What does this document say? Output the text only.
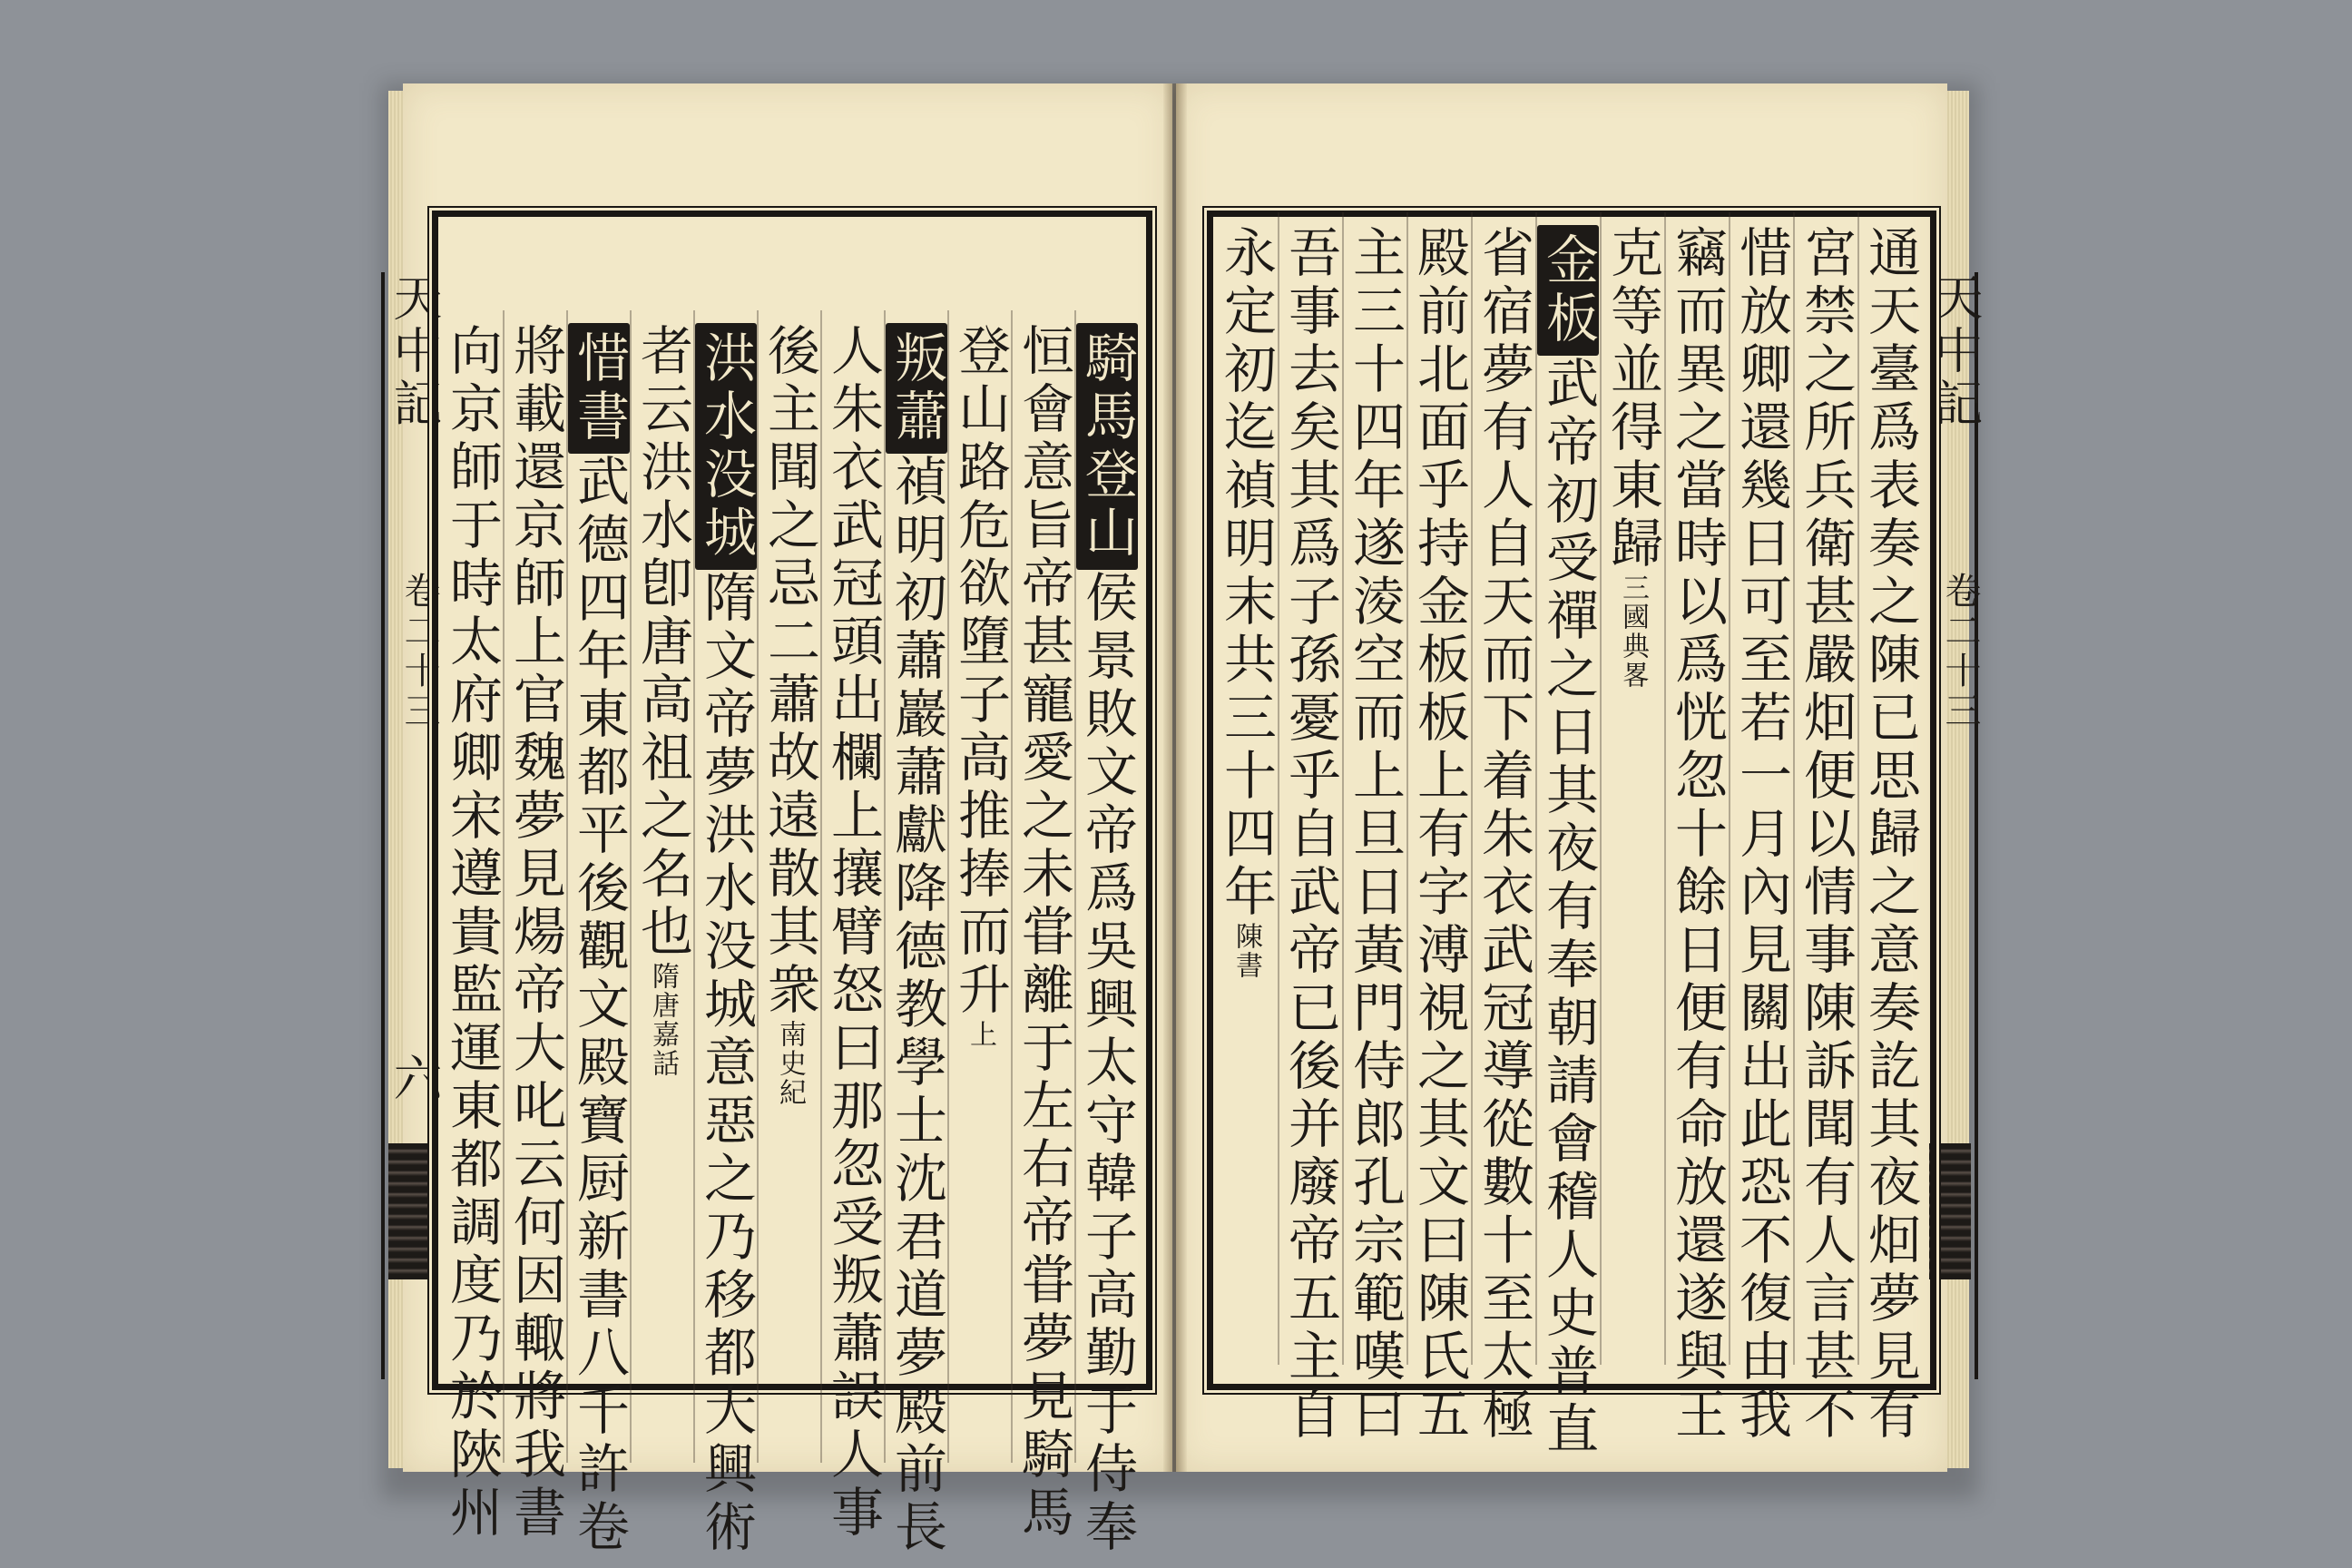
天中記
卷二十三
六
天中記
卷二十三
騎馬登山侯景敗文帝爲吳興太守韓子高勤于侍奉
恒會意旨帝甚寵愛之未甞離于左右帝甞夢見騎馬
登山路危欲墮子高推捧而升上
叛蕭禎明初蕭巖蕭獻降德教學士沈君道夢殿前長
人朱衣武冠頭出欄上攘臂怒曰那忽受叛蕭誤人事
後主聞之忌二蕭故遠散其衆南史紀
洪水没城隋文帝夢洪水没城意惡之乃移都大興術
者云洪水卽唐高祖之名也隋唐嘉話
惜書武德四年東都平後觀文殿寶厨新書八千許卷
將載還京師上官魏夢見煬帝大叱云何因輙將我書
向京師于時太府卿宋遵貴監運東都調度乃於陜州	通天臺爲表奏之陳已思歸之意奏訖其夜𤇆夢見有
宮禁之所兵衛甚嚴𤇆便以情事陳訴聞有人言甚不
惜放卿還幾日可至若一月內見關出此恐不復由我
竊而異之當時以爲恍忽十餘日便有命放還遂與王
克等並得東歸三國典畧
金板武帝初受禪之日其夜有奉朝請會稽人史普直
省宿夢有人自天而下着朱衣武冠導從數十至太極
殿前北面乎持金板板上有字溥視之其文曰陳氏五
主三十四年遂淩空而上旦日黃門侍郎孔宗範嘆曰
吾事去矣其爲子孫憂乎自武帝已後并廢帝五主自
永定初迄禎明末共三十四年陳書
